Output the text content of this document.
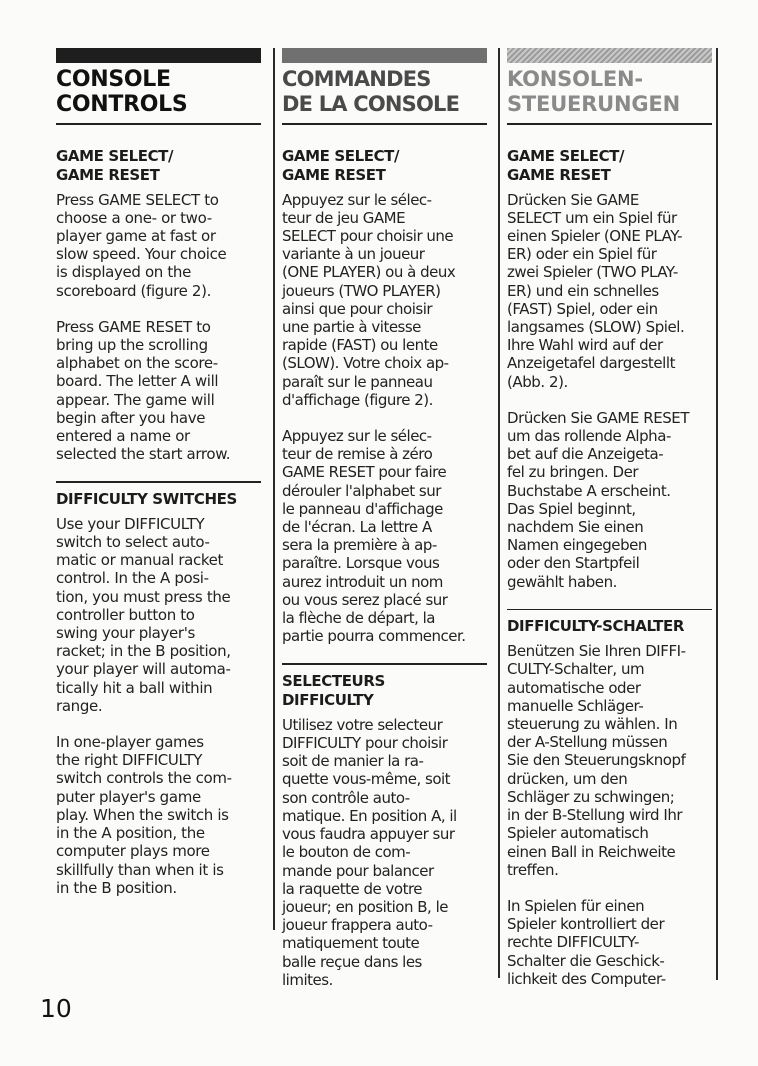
CONSOLE
CONTROLS
GAME SELECT/
GAME RESET

Press GAME SELECT to
choose a one- or two-
player game at fast or
slow speed. Your choice
is displayed on the
scoreboard (figure 2).

Press GAME RESET to
bring up the scrolling
alphabet on the score-
board. The letter A will
appear. The game will
begin after you have
entered a name or
selected the start arrow.

DIFFICULTY SWITCHES

Use your DIFFICULTY
switch to select auto-
matic or manual racket
control. In the A posi-
tion, you must press the
controller button to
swing your player's
racket; in the B position,
your player will automa-
tically hit a ball within
range.

In one-player games
the right DIFFICULTY
switch controls the com-
puter player's game
play. When the switch is
in the A position, the
computer plays more
skillfully than when it is
in the B position.

COMMANDES
DE LA CONSOLE
GAME SELECT/
GAME RESET

Appuyez sur le sélec-
teur de jeu GAME
SELECT pour choisir une
variante à un joueur
(ONE PLAYER) ou à deux
joueurs (TWO PLAYER)
ainsi que pour choisir
une partie à vitesse
rapide (FAST) ou lente
(SLOW). Votre choix ap-
paraît sur le panneau
d'affichage (figure 2).

Appuyez sur le sélec-
teur de remise à zéro
GAME RESET pour faire
dérouler l'alphabet sur
le panneau d'affichage
de l'écran. La lettre A
sera la première à ap-
paraître. Lorsque vous
aurez introduit un nom
ou vous serez placé sur
la flèche de départ, la
partie pourra commencer.

SELECTEURS
DIFFICULTY

Utilisez votre selecteur
DIFFICULTY pour choisir
soit de manier la ra-
quette vous-même, soit
son contrôle auto-
matique. En position A, il
vous faudra appuyer sur
le bouton de com-
mande pour balancer
la raquette de votre
joueur; en position B, le
joueur frappera auto-
matiquement toute
balle reçue dans les
limites.

KONSOLEN-
STEUERUNGEN
GAME SELECT/
GAME RESET

Drücken Sie GAME
SELECT um ein Spiel für
einen Spieler (ONE PLAY-
ER) oder ein Spiel für
zwei Spieler (TWO PLAY-
ER) und ein schnelles
(FAST) Spiel, oder ein
langsames (SLOW) Spiel.
Ihre Wahl wird auf der
Anzeigetafel dargestellt
(Abb. 2).

Drücken Sie GAME RESET
um das rollende Alpha-
bet auf die Anzeigeta-
fel zu bringen. Der
Buchstabe A erscheint.
Das Spiel beginnt,
nachdem Sie einen
Namen eingegeben
oder den Startpfeil
gewählt haben.

DIFFICULTY-SCHALTER

Benützen Sie Ihren DIFFI-
CULTY-Schalter, um
automatische oder
manuelle Schläger-
steuerung zu wählen. In
der A-Stellung müssen
Sie den Steuerungsknopf
drücken, um den
Schläger zu schwingen;
in der B-Stellung wird Ihr
Spieler automatisch
einen Ball in Reichweite
treffen.

In Spielen für einen
Spieler kontrolliert der
rechte DIFFICULTY-
Schalter die Geschick-
lichkeit des Computer-

10
